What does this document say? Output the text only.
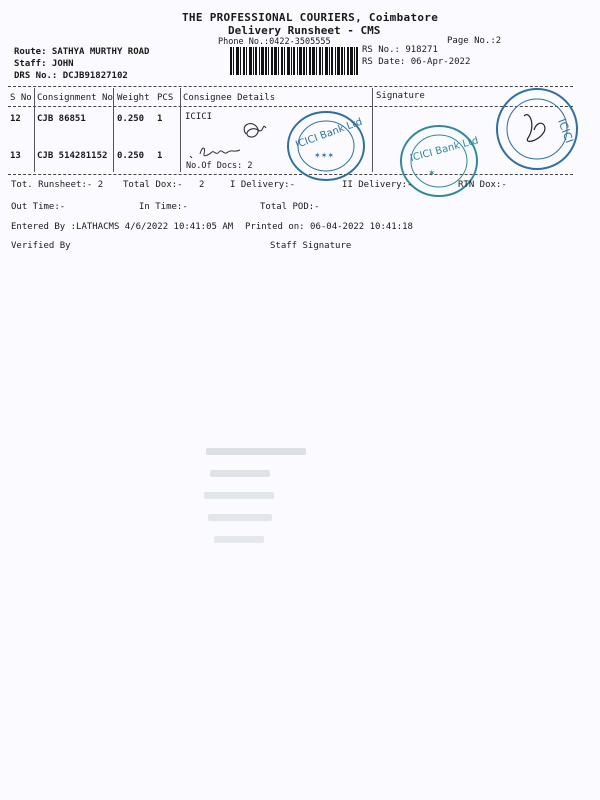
THE PROFESSIONAL COURIERS, Coimbatore
Delivery Runsheet - CMS
Phone No.:0422-3505555	Page No.:2
Route: SATHYA MURTHY ROAD
Staff: JOHN
DRS No.: DCJB91827102
RS No.: 918271
RS Date: 06-Apr-2022
S No Consignment No Weight PCS Consignee Details	Signature
12 CJB 86851	0.250 1	ICICI
13 CJB 514281152 0.250 1
No.Of Docs: 2
ICICI Bank Ltd
✶✶✶	ICICI Bank Ltd
✶
ICICI
Tot. Runsheet:- 2 Total Dox:- 2	I Delivery:-	II Delivery:-	RTN Dox:-
Out Time:-	In Time:-	Total POD:-
Entered By :LATHACMS 4/6/2022 10:41:05 AM Printed on: 06-04-2022 10:41:18
Verified By	Staff Signature
